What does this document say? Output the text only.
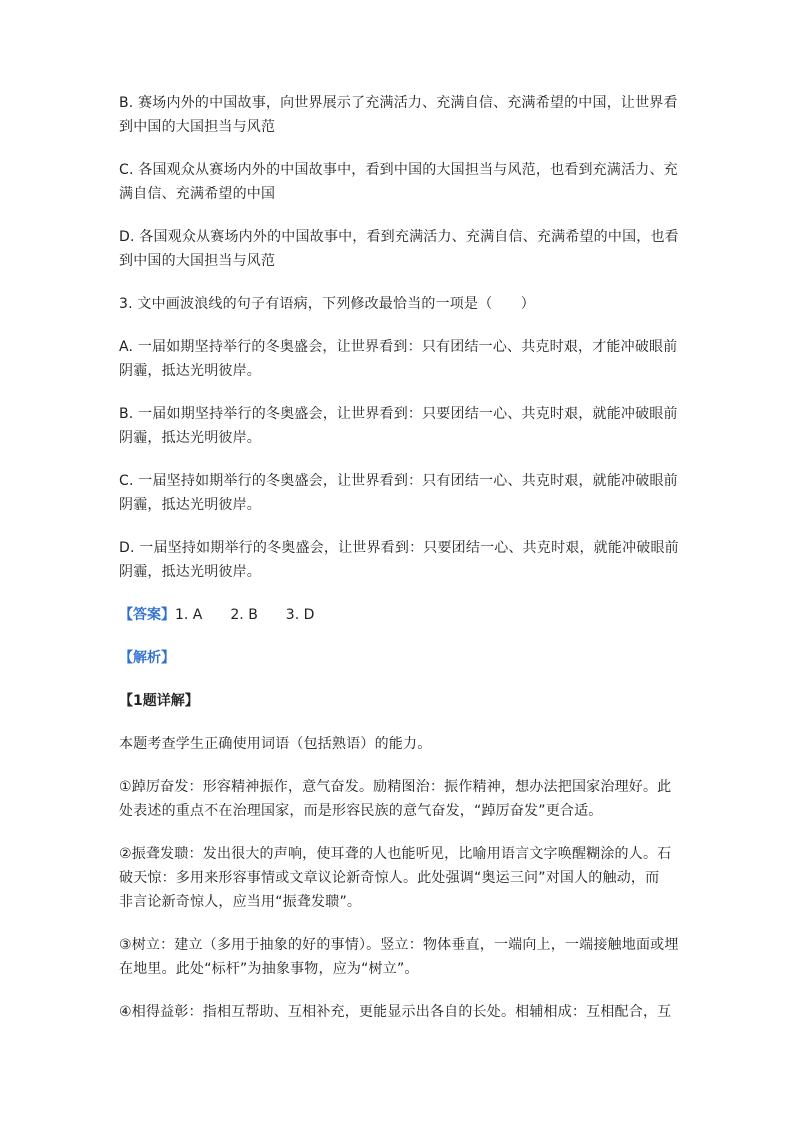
B. 赛场内外的中国故事，向世界展示了充满活力、充满自信、充满希望的中国，让世界看
到中国的大国担当与风范
C. 各国观众从赛场内外的中国故事中，看到中国的大国担当与风范，也看到充满活力、充
满自信、充满希望的中国
D. 各国观众从赛场内外的中国故事中，看到充满活力、充满自信、充满希望的中国，也看
到中国的大国担当与风范
3. 文中画波浪线的句子有语病，下列修改最恰当的一项是（　　）
A. 一届如期坚持举行的冬奥盛会，让世界看到：只有团结一心、共克时艰，才能冲破眼前
阴霾，抵达光明彼岸。
B. 一届如期坚持举行的冬奥盛会，让世界看到：只要团结一心、共克时艰，就能冲破眼前
阴霾，抵达光明彼岸。
C. 一届坚持如期举行的冬奥盛会，让世界看到：只有团结一心、共克时艰，就能冲破眼前
阴霾，抵达光明彼岸。
D. 一届坚持如期举行的冬奥盛会，让世界看到：只要团结一心、共克时艰，就能冲破眼前
阴霾，抵达光明彼岸。
【答案】1. A　　2. B　　3. D
【解析】
【1题详解】
本题考查学生正确使用词语（包括熟语）的能力。
①踔厉奋发：形容精神振作，意气奋发。励精图治：振作精神，想办法把国家治理好。此
处表述的重点不在治理国家，而是形容民族的意气奋发，“踔厉奋发”更合适。
②振聋发聩：发出很大的声响，使耳聋的人也能听见，比喻用语言文字唤醒糊涂的人。石
破天惊：多用来形容事情或文章议论新奇惊人。此处强调“奥运三问”对国人的触动，而
非言论新奇惊人，应当用“振聋发聩”。
③树立：建立（多用于抽象的好的事情）。竖立：物体垂直，一端向上，一端接触地面或埋
在地里。此处“标杆”为抽象事物，应为“树立”。
④相得益彰：指相互帮助、互相补充，更能显示出各自的长处。相辅相成：互相配合，互
